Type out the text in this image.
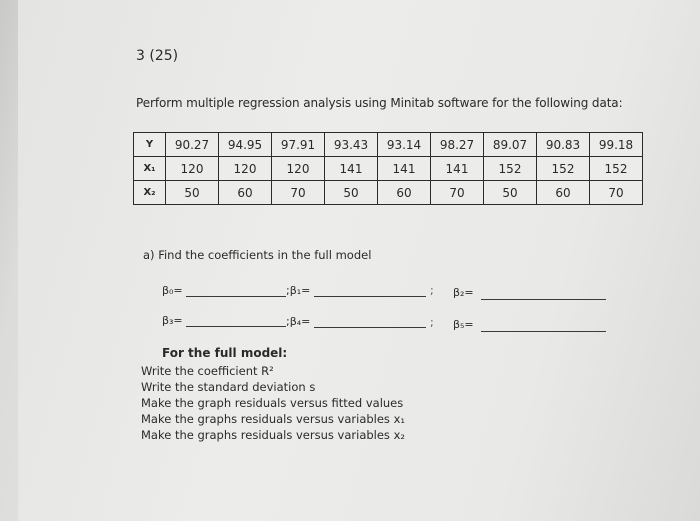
3 (25)
Perform multiple regression analysis using Minitab software for the following data:
Y	90.27	94.95	97.91	93.43	93.14	98.27	89.07	90.83	99.18
X₁	120	120	120	141	141	141	152	152	152
X₂	50	60	70	50	60	70	50	60	70
a) Find the coefficients in the full model
β₀=	;β₁=	; β₂=
β₃=	;β₄=	; β₅=
For the full model:
Write the coefficient R²
Write the standard deviation s
Make the graph residuals versus fitted values
Make the graphs residuals versus variables x₁
Make the graphs residuals versus variables x₂
